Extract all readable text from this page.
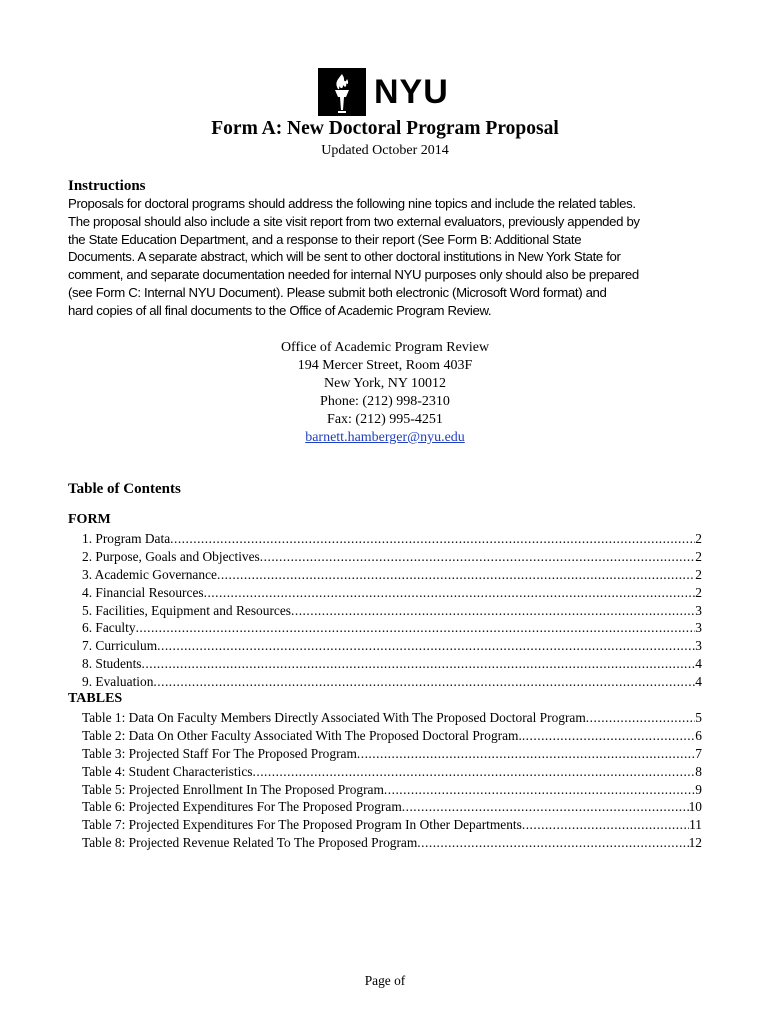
NYU
Form A: New Doctoral Program Proposal
Updated October 2014
Instructions
Proposals for doctoral programs should address the following nine topics and include the related tables.
The proposal should also include a site visit report from two external evaluators, previously appended by
the State Education Department, and a response to their report (See Form B: Additional State
Documents. A separate abstract, which will be sent to other doctoral institutions in New York State for
comment, and separate documentation needed for internal NYU purposes only should also be prepared
(see Form C: Internal NYU Document). Please submit both electronic (Microsoft Word format) and
hard copies of all final documents to the Office of Academic Program Review.
Office of Academic Program Review
194 Mercer Street, Room 403F
New York, NY 10012
Phone: (212) 998-2310
Fax: (212) 995-4251
barnett.hamberger@nyu.edu
Table of Contents
FORM
1. Program Data .....	2
2. Purpose, Goals and Objectives .....	2
3. Academic Governance .....	2
4. Financial Resources .....	2
5. Facilities, Equipment and Resources .....	3
6. Faculty .....	3
7. Curriculum .....	3
8. Students .....	4
9. Evaluation .....	4
TABLES
Table 1: Data On Faculty Members Directly Associated With The Proposed Doctoral Program .....	5
Table 2: Data On Other Faculty Associated With The Proposed Doctoral Program. .....	6
Table 3: Projected Staff For The Proposed Program .....	7
Table 4: Student Characteristics .....	8
Table 5: Projected Enrollment In The Proposed Program .....	9
Table 6: Projected Expenditures For The Proposed Program .....	10
Table 7: Projected Expenditures For The Proposed Program In Other Departments .....	11
Table 8: Projected Revenue Related To The Proposed Program .....	12
Page of
